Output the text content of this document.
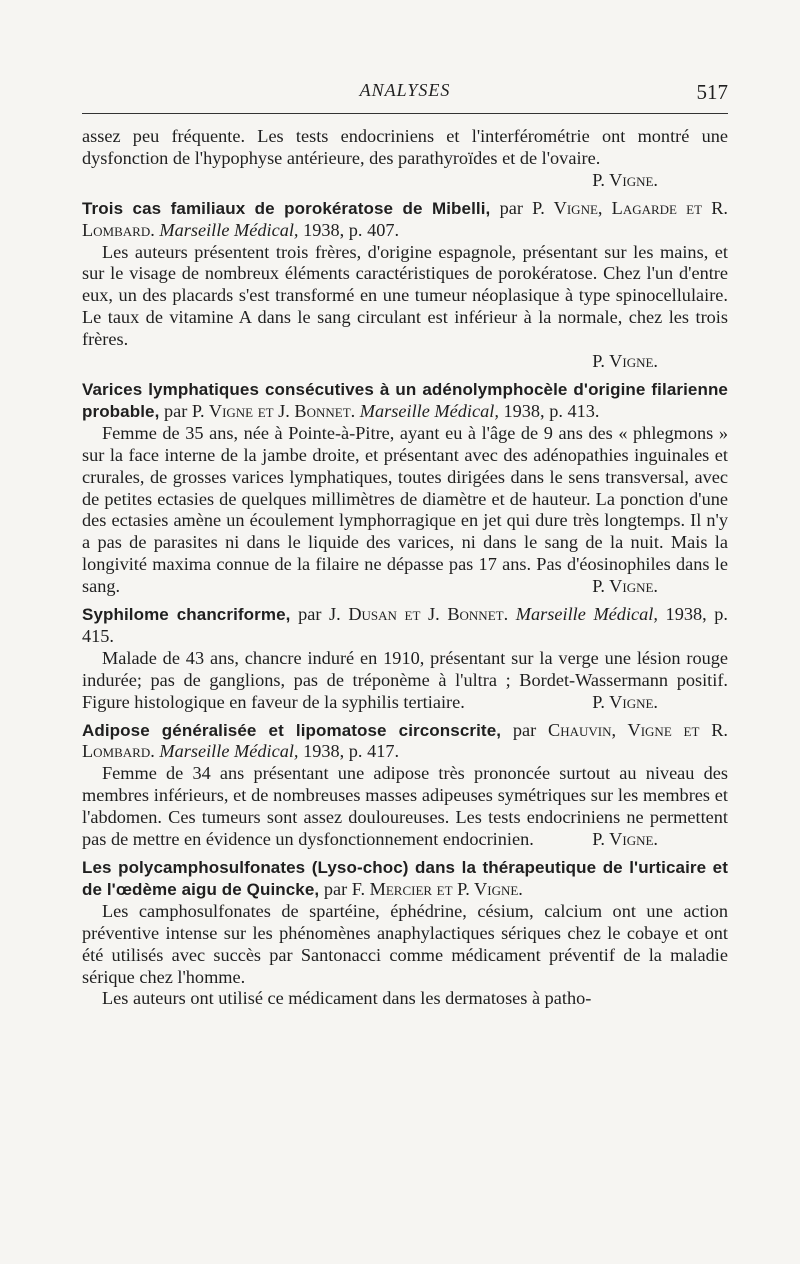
ANALYSES	517

assez peu fréquente. Les tests endocriniens et l'interférométrie ont montré une dysfonction de l'hypophyse antérieure, des parathyroïdes et de l'ovaire.
P. Vigne.

Trois cas familiaux de porokératose de Mibelli, par P. Vigne, Lagarde et R. Lombard. Marseille Médical, 1938, p. 407.

Les auteurs présentent trois frères, d'origine espagnole, présentant sur les mains, et sur le visage de nombreux éléments caractéristiques de porokératose. Chez l'un d'entre eux, un des placards s'est transformé en une tumeur néoplasique à type spinocellulaire. Le taux de vitamine A dans le sang circulant est inférieur à la normale, chez les trois frères.

P. Vigne.

Varices lymphatiques consécutives à un adénolymphocèle d'origine filarienne probable, par P. Vigne et J. Bonnet. Marseille Médical, 1938, p. 413.

Femme de 35 ans, née à Pointe-à-Pitre, ayant eu à l'âge de 9 ans des « phlegmons » sur la face interne de la jambe droite, et présentant avec des adénopathies inguinales et crurales, de grosses varices lymphatiques, toutes dirigées dans le sens transversal, avec de petites ectasies de quelques millimètres de diamètre et de hauteur. La ponction d'une des ectasies amène un écoulement lymphorragique en jet qui dure très longtemps. Il n'y a pas de parasites ni dans le liquide des varices, ni dans le sang de la nuit. Mais la longivité maxima connue de la filaire ne dépasse pas 17 ans. Pas d'éosinophiles dans le sang.	P. Vigne.

Syphilome chancriforme, par J. Dusan et J. Bonnet. Marseille Médical, 1938, p. 415.

Malade de 43 ans, chancre induré en 1910, présentant sur la verge une lésion rouge indurée; pas de ganglions, pas de tréponème à l'ultra ; Bordet-Wassermann positif. Figure histologique en faveur de la syphilis tertiaire.	P. Vigne.

Adipose généralisée et lipomatose circonscrite, par Chauvin, Vigne et R. Lombard. Marseille Médical, 1938, p. 417.

Femme de 34 ans présentant une adipose très prononcée surtout au niveau des membres inférieurs, et de nombreuses masses adipeuses symétriques sur les membres et l'abdomen. Ces tumeurs sont assez douloureuses. Les tests endocriniens ne permettent pas de mettre en évidence un dysfonctionnement endocrinien.	P. Vigne.

Les polycamphosulfonates (Lyso-choc) dans la thérapeutique de l'urticaire et de l'œdème aigu de Quincke, par F. Mercier et P. Vigne.

Les camphosulfonates de spartéine, éphédrine, césium, calcium ont une action préventive intense sur les phénomènes anaphylactiques sériques chez le cobaye et ont été utilisés avec succès par Santonacci comme médicament préventif de la maladie sérique chez l'homme.

Les auteurs ont utilisé ce médicament dans les dermatoses à patho-
